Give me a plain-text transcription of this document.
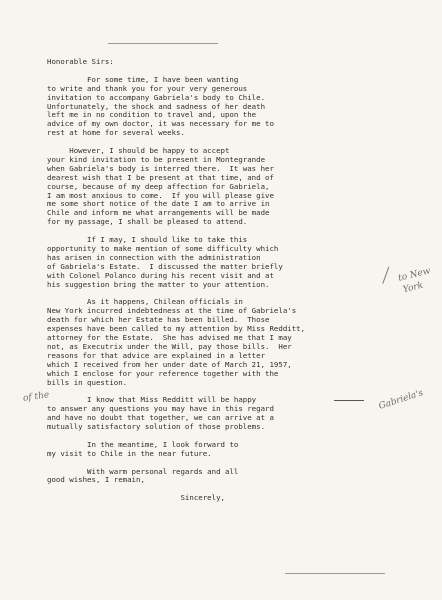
Honorable Sirs:

For some time, I have been wanting

to write and thank you for your very generous

invitation to accompany Gabriela's body to Chile.

Unfortunately, the shock and sadness of her death

left me in no condition to travel and, upon the

advice of my own doctor, it was necessary for me to

rest at home for several weeks.

However, I should be happy to accept

your kind invitation to be present in Montegrande

when Gabriela's body is interred there.  It was her

dearest wish that I be present at that time, and of

course, because of my deep affection for Gabriela,

I am most anxious to come.  If you will please give

me some short notice of the date I am to arrive in

Chile and inform me what arrangements will be made

for my passage, I shall be pleased to attend.

If I may, I should like to take this

opportunity to make mention of some difficulty which

has arisen in connection with the administration

of Gabriela's Estate.  I discussed the matter briefly

with Colonel Polanco during his recent visit and at

his suggestion bring the matter to your attention.

As it happens, Chilean officials in

New York incurred indebtedness at the time of Gabriela's

death for which her Estate has been billed.  Those

expenses have been called to my attention by Miss Redditt,

attorney for the Estate.  She has advised me that I may

not, as Executrix under the Will, pay those bills.  Her

reasons for that advice are explained in a letter

which I received from her under date of March 21, 1957,

which I enclose for your reference together with the

bills in question.

I know that Miss Redditt will be happy

to answer any questions you may have in this regard

and have no doubt that together, we can arrive at a

mutually satisfactory solution of those problems.

In the meantime, I look forward to

my visit to Chile in the near future.

With warm personal regards and all

good wishes, I remain,

Sincerely,

to New
York
of the	Gabriela's
